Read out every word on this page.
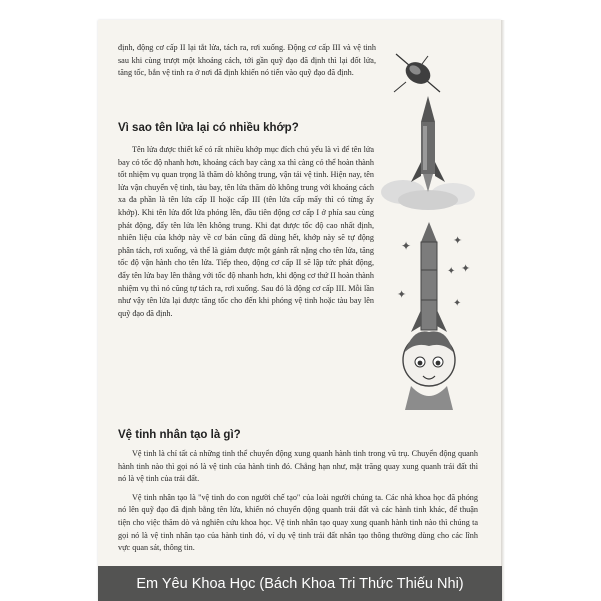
định, động cơ cấp II lại tắt lửa, tách ra, rơi xuống. Động cơ cấp III và vệ tinh sau khi cùng trượt một khoảng cách, tới gần quỹ đạo đã định thì lại đốt lửa, tăng tốc, bắn vệ tinh ra ở nơi đã định khiến nó tiến vào quỹ đạo đã định.

Vì sao tên lửa lại có nhiều khớp?

Tên lửa được thiết kế có rất nhiều khớp mục đích chủ yếu là vì để tên lửa bay có tốc độ nhanh hơn, khoảng cách bay càng xa thì càng có thể hoàn thành tốt nhiệm vụ quan trọng là thăm dò không trung, vận tải vệ tinh. Hiện nay, tên lửa vận chuyển vệ tinh, tàu bay, tên lửa thăm dò không trung với khoảng cách xa đa phần là tên lửa cấp II hoặc cấp III (tên lửa cấp mấy thì có từng ấy khớp). Khi tên lửa đốt lửa phóng lên, đầu tiên động cơ cấp I ở phía sau cùng phát động, đẩy tên lửa lên không trung. Khi đạt được tốc độ cao nhất định, nhiên liệu của khớp này về cơ bản cũng đã dùng hết, khớp này sẽ tự động phân tách, rơi xuống, và thế là giảm được một gánh rất nặng cho tên lửa, tăng tốc độ vận hành cho tên lửa. Tiếp theo, động cơ cấp II sẽ lập tức phát động, đẩy tên lửa bay lên thẳng với tốc độ nhanh hơn, khi động cơ thứ II hoàn thành nhiệm vụ thì nó cũng tự tách ra, rơi xuống. Sau đó là động cơ cấp III. Mỗi lần như vậy tên lửa lại được tăng tốc cho đến khi phóng vệ tinh hoặc tàu bay lên quỹ đạo đã định.

Vệ tinh nhân tạo là gì?

Vệ tinh là chỉ tất cả những tinh thể chuyển động xung quanh hành tinh trong vũ trụ. Chuyển động quanh hành tinh nào thì gọi nó là vệ tinh của hành tinh đó. Chẳng hạn như, mặt trăng quay xung quanh trái đất thì nó là vệ tinh của trái đất.

Vệ tinh nhân tạo là "vệ tinh do con người chế tạo" của loài người chúng ta. Các nhà khoa học đã phóng nó lên quỹ đạo đã định bằng tên lửa, khiến nó chuyển động quanh trái đất và các hành tinh khác, để thuận tiện cho việc thăm dò và nghiên cứu khoa học. Vệ tinh nhân tạo quay xung quanh hành tinh nào thì chúng ta gọi nó là vệ tinh nhân tạo của hành tinh đó, ví dụ vệ tinh trái đất nhân tạo thông thường dùng cho các lĩnh vực quan sát, thông tin.

✦	✦
✦
✦
✦
✦
Em Yêu Khoa Học (Bách Khoa Tri Thức Thiếu Nhi)
